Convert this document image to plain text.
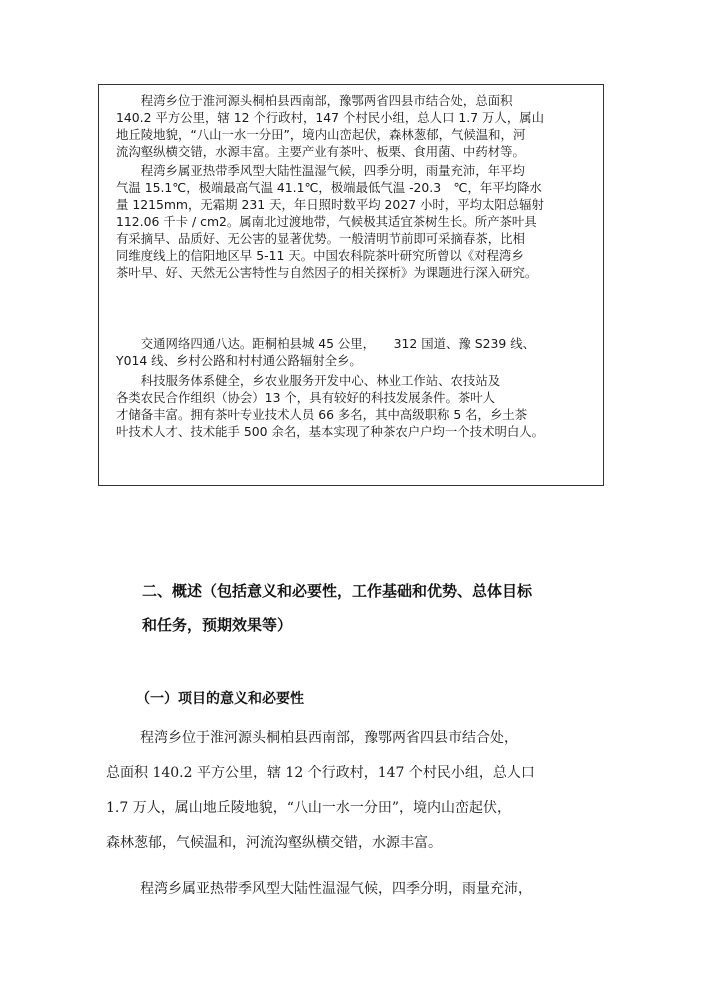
　　程湾乡位于淮河源头桐柏县西南部，豫鄂两省四县市结合处，总面积
140.2 平方公里，辖 12 个行政村，147 个村民小组，总人口 1.7 万人，属山
地丘陵地貌，“八山一水一分田”，境内山峦起伏，森林葱郁，气候温和，河
流沟壑纵横交错，水源丰富。主要产业有茶叶、板栗、食用菌、中药材等。
　　程湾乡属亚热带季风型大陆性温湿气候，四季分明，雨量充沛，年平均
气温 15.1℃，极端最高气温 41.1℃，极端最低气温 -20.3　℃，年平均降水
量 1215mm，无霜期 231 天，年日照时数平均 2027 小时，平均太阳总辐射
112.06 千卡 / cm2。属南北过渡地带，气候极其适宜茶树生长。所产茶叶具
有采摘早、品质好、无公害的显著优势。一般清明节前即可采摘春茶，比相
同维度线上的信阳地区早 5-11 天。中国农科院茶叶研究所曾以《对程湾乡
茶叶早、好、天然无公害特性与自然因子的相关探析》为课题进行深入研究。
　　交通网络四通八达。距桐柏县城 45 公里，　　312 国道、豫 S239 线、
Y014 线、乡村公路和村村通公路辐射全乡。
　　科技服务体系健全，乡农业服务开发中心、林业工作站、农技站及
各类农民合作组织（协会）13 个，具有较好的科技发展条件。茶叶人
才储备丰富。拥有茶叶专业技术人员 66 多名，其中高级职称 5 名，乡土茶
叶技术人才、技术能手 500 余名，基本实现了种茶农户户均一个技术明白人。
二、概述（包括意义和必要性，工作基础和优势、总体目标
和任务，预期效果等）
（一）项目的意义和必要性
程湾乡位于淮河源头桐柏县西南部，豫鄂两省四县市结合处，
总面积 140.2 平方公里，辖 12 个行政村，147 个村民小组，总人口
1.7 万人，属山地丘陵地貌，“八山一水一分田”，境内山峦起伏，
森林葱郁，气候温和，河流沟壑纵横交错，水源丰富。
程湾乡属亚热带季风型大陆性温湿气候，四季分明，雨量充沛，
